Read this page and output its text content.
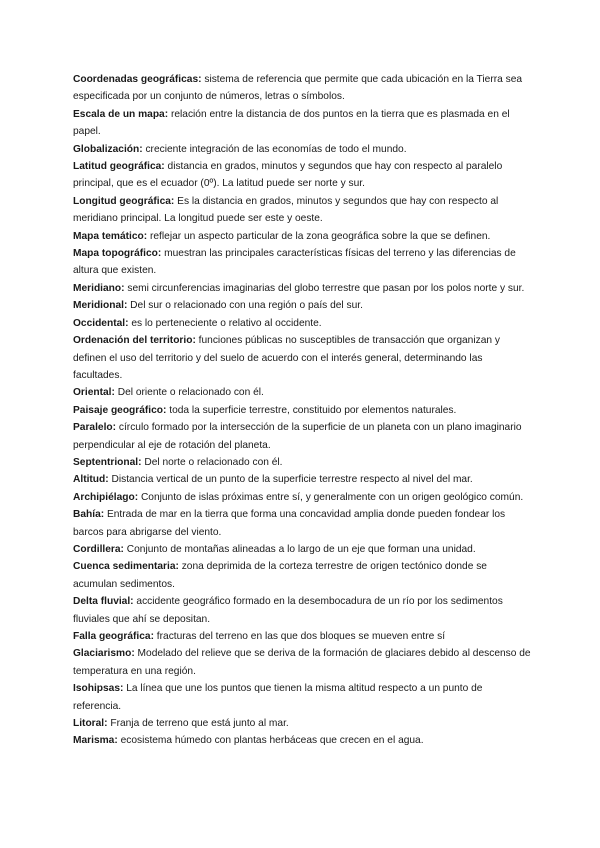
Coordenadas geográficas: sistema de referencia que permite que cada ubicación en la Tierra sea especificada por un conjunto de números, letras o símbolos.

Escala de un mapa: relación entre la distancia de dos puntos en la tierra que es plasmada en el papel.

Globalización: creciente integración de las economías de todo el mundo.

Latitud geográfica: distancia en grados, minutos y segundos que hay con respecto al paralelo principal, que es el ecuador (0º). La latitud puede ser norte y sur.

Longitud geográfica: Es la distancia en grados, minutos y segundos que hay con respecto al meridiano principal. La longitud puede ser este y oeste.

Mapa temático: reflejar un aspecto particular de la zona geográfica sobre la que se definen.

Mapa topográfico: muestran las principales características físicas del terreno y las diferencias de altura que existen.

Meridiano: semi circunferencias imaginarias del globo terrestre que pasan por los polos norte y sur.

Meridional: Del sur o relacionado con una región o país del sur.

Occidental: es lo perteneciente o relativo al occidente.

Ordenación del territorio: funciones públicas no susceptibles de transacción que organizan y definen el uso del territorio y del suelo de acuerdo con el interés general, determinando las facultades.

Oriental: Del oriente o relacionado con él.

Paisaje geográfico: toda la superficie terrestre, constituido por elementos naturales.

Paralelo: círculo formado por la intersección de la superficie de un planeta con un plano imaginario perpendicular al eje de rotación del planeta.

Septentrional: Del norte o relacionado con él.

Altitud: Distancia vertical de un punto de la superficie terrestre respecto al nivel del mar.

Archipiélago: Conjunto de islas próximas entre sí, y generalmente con un origen geológico común.

Bahía: Entrada de mar en la tierra que forma una concavidad amplia donde pueden fondear los barcos para abrigarse del viento.

Cordillera: Conjunto de montañas alineadas a lo largo de un eje que forman una unidad.

Cuenca sedimentaria: zona deprimida de la corteza terrestre de origen tectónico donde se acumulan sedimentos.

Delta fluvial: accidente geográfico formado en la desembocadura de un río por los sedimentos fluviales que ahí se depositan.

Falla geográfica: fracturas del terreno en las que dos bloques se mueven entre sí

Glaciarismo: Modelado del relieve que se deriva de la formación de glaciares debido al descenso de temperatura en una región.

Isohipsas: La línea que une los puntos que tienen la misma altitud respecto a un punto de referencia.

Litoral: Franja de terreno que está junto al mar.

Marisma: ecosistema húmedo con plantas herbáceas que crecen en el agua.
